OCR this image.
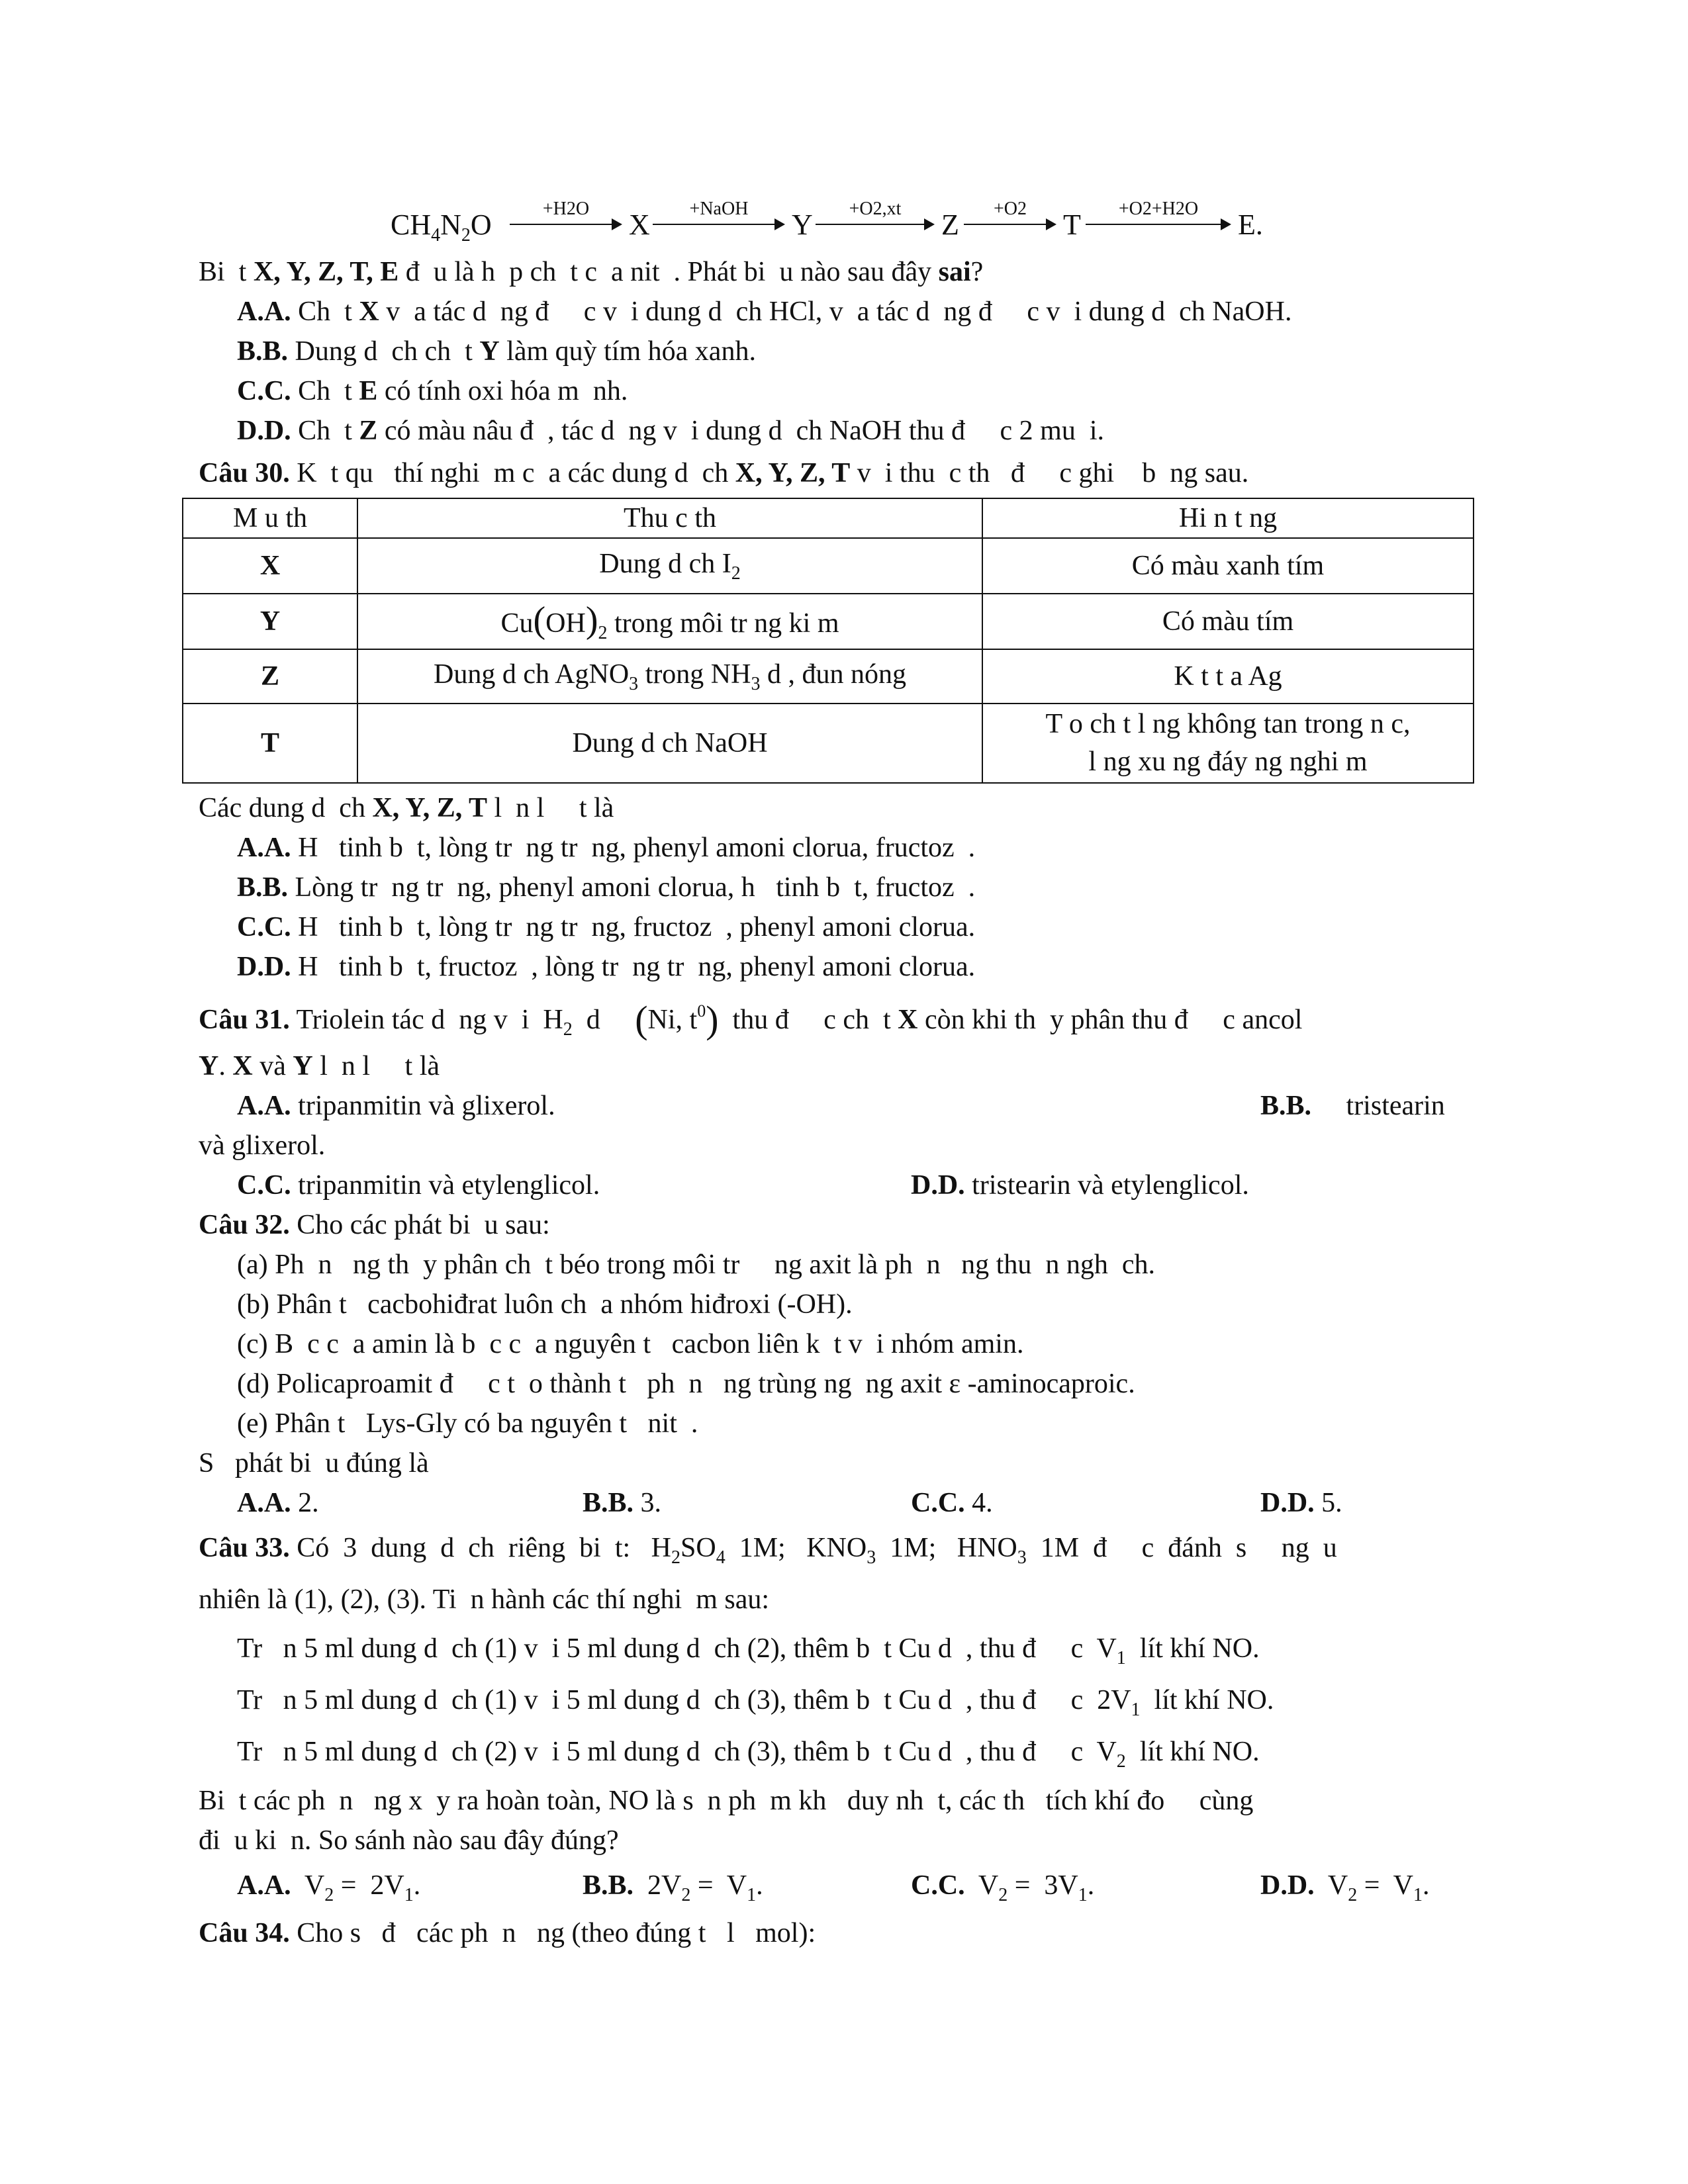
$CH_4N_2O$	+H2O	X	+NaOH	Y	+O2,xt	Z	+O2	T	+O2+H2O	E.
Bi  t X, Y, Z, T, E đ  u là h  p ch  t c  a nit  . Phát bi  u nào sau đây sai?
A.A. Ch  t X v  a tác d  ng đ     c v  i dung d  ch HCl, v  a tác d  ng đ     c v  i dung d  ch NaOH.
B.B. Dung d  ch ch  t Y làm quỳ tím hóa xanh.
C.C. Ch  t E có tính oxi hóa m  nh.
D.D. Ch  t Z có màu nâu đ  , tác d  ng v  i dung d  ch NaOH thu đ     c 2 mu  i.
Câu 30. K  t qu   thí nghi  m c  a các dung d  ch X, Y, Z, T v  i thu  c th   đ     c ghi    b  ng sau.
M u th	Thu c th	Hi n t ng
X	Dung d ch $I_2$	Có màu xanh tím
Y	$Cu(OH)_2$ trong môi tr ng ki m	Có màu tím
Z	Dung d ch AgNO$_3$ trong $NH_3$ d , đun nóng	K t t a Ag
T	Dung d ch NaOH	T o ch t l ng không tan trong n c,
l ng xu ng đáy ng nghi m
Các dung d  ch X, Y, Z, T l  n l     t là
A.A. H   tinh b  t, lòng tr  ng tr  ng, phenyl amoni clorua, fructoz  .
B.B. Lòng tr  ng tr  ng, phenyl amoni clorua, h   tinh b  t, fructoz  .
C.C. H   tinh b  t, lòng tr  ng tr  ng, fructoz  , phenyl amoni clorua.
D.D. H   tinh b  t, fructoz  , lòng tr  ng tr  ng, phenyl amoni clorua.
Câu 31. Triolein tác d  ng v  i  $H_2$  d     (Ni, $t^0$)  thu đ     c ch  t X còn khi th  y phân thu đ     c ancol
Y. X và Y l  n l     t là
A.A. tripanmitin và glixerol.	B.B. tristearin
và glixerol.
C.C. tripanmitin và etylenglicol.	D.D. tristearin và etylenglicol.
Câu 32. Cho các phát bi  u sau:
(a) Ph  n   ng th  y phân ch  t béo trong môi tr     ng axit là ph  n   ng thu  n ngh  ch.
(b) Phân t   cacbohiđrat luôn ch  a nhóm hiđroxi (-OH).
(c) B  c c  a amin là b  c c  a nguyên t   cacbon liên k  t v  i nhóm amin.
(d) Policaproamit đ     c t  o thành t   ph  n   ng trùng ng  ng axit ε -aminocaproic.
(e) Phân t   Lys-Gly có ba nguyên t   nit  .
S   phát bi  u đúng là
A.A. 2.	B.B. 3.	C.C. 4.	D.D. 5.
Câu 33. Có  3  dung  d  ch  riêng  bi  t:   $H_2SO_4$  1M;   $KNO_3$  1M;   $HNO_3$  1M  đ     c  đánh  s     ng  u
nhiên là (1), (2), (3). Ti  n hành các thí nghi  m sau:
Tr   n 5 ml dung d  ch (1) v  i 5 ml dung d  ch (2), thêm b  t Cu d  , thu đ     c  $V_1$  lít khí NO.
Tr   n 5 ml dung d  ch (1) v  i 5 ml dung d  ch (3), thêm b  t Cu d  , thu đ     c  $2V_1$  lít khí NO.
Tr   n 5 ml dung d  ch (2) v  i 5 ml dung d  ch (3), thêm b  t Cu d  , thu đ     c  $V_2$  lít khí NO.
Bi  t các ph  n   ng x  y ra hoàn toàn, NO là s  n ph  m kh   duy nh  t, các th   tích khí đo     cùng
đi  u ki  n. So sánh nào sau đây đúng?
A.A.  $V_2 = 2V_1$.	B.B.  $2V_2 = V_1$.	C.C.  $V_2 = 3V_1$.	D.D.  $V_2 = V_1$.
Câu 34. Cho s   đ   các ph  n   ng (theo đúng t   l   mol):
